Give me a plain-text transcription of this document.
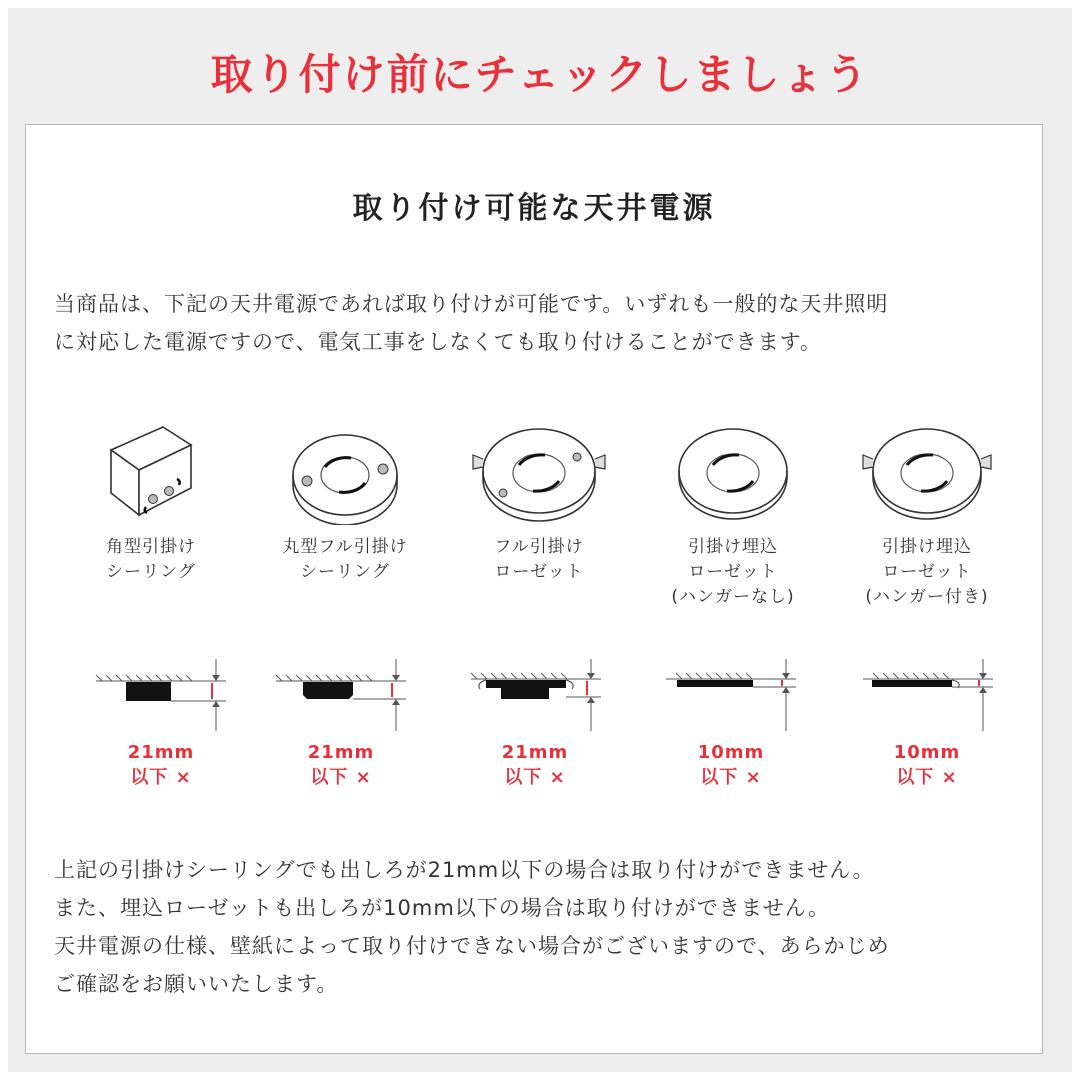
取り付け前にチェックしましょう
取り付け可能な天井電源

当商品は、下記の天井電源であれば取り付けが可能です。いずれも一般的な天井照明
に対応した電源ですので、電気工事をしなくても取り付けることができます。

角型引掛け
シーリング
丸型フル引掛け
シーリング
フル引掛け
ローゼット
引掛け埋込
ローゼット
(ハンガーなし)
引掛け埋込
ローゼット
(ハンガー付き)
21mm
以下 ×
21mm
以下 ×
21mm
以下 ×
10mm
以下 ×
10mm
以下 ×

上記の引掛けシーリングでも出しろが21mm以下の場合は取り付けができません。
また、埋込ローゼットも出しろが10mm以下の場合は取り付けができません。
天井電源の仕様、壁紙によって取り付けできない場合がございますので、あらかじめ
ご確認をお願いいたします。
